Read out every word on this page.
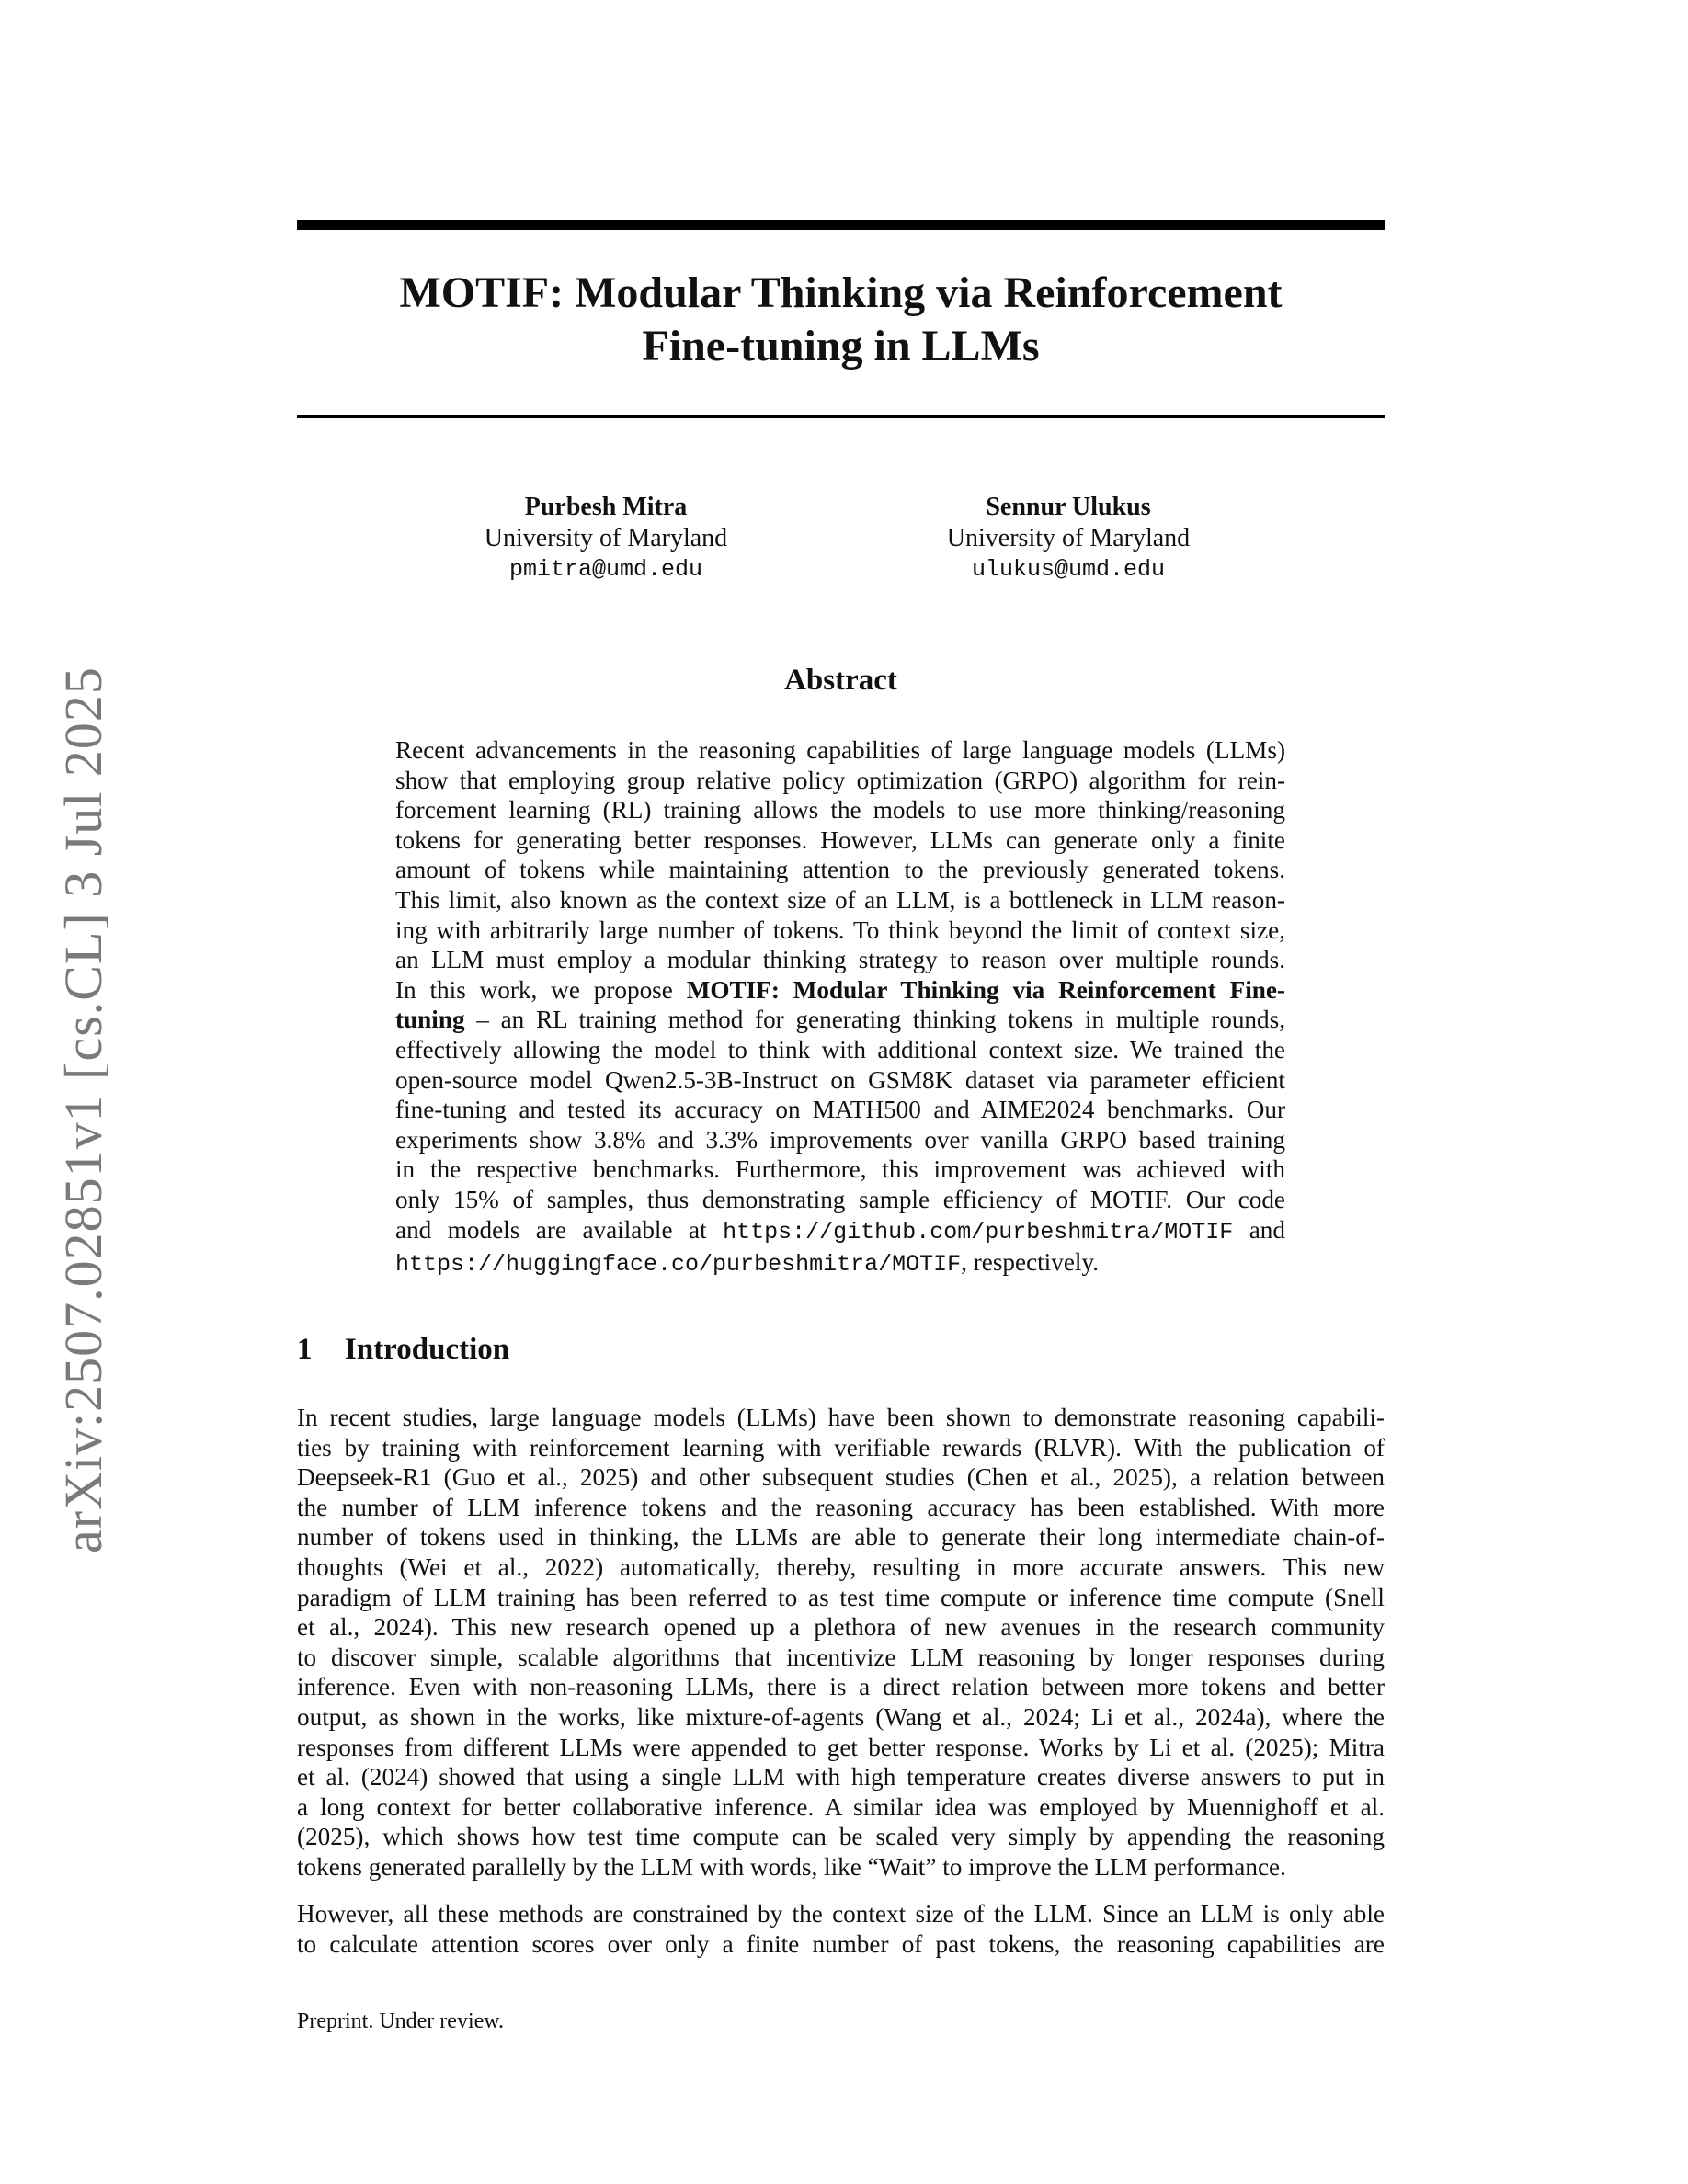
arXiv:2507.02851v1 [cs.CL] 3 Jul 2025
MOTIF: Modular Thinking via Reinforcement
Fine-tuning in LLMs
Purbesh Mitra
University of Maryland
pmitra@umd.edu
Sennur Ulukus
University of Maryland
ulukus@umd.edu
Abstract
Recent advancements in the reasoning capabilities of large language models (LLMs)
show that employing group relative policy optimization (GRPO) algorithm for rein-
forcement learning (RL) training allows the models to use more thinking/reasoning
tokens for generating better responses. However, LLMs can generate only a finite
amount of tokens while maintaining attention to the previously generated tokens.
This limit, also known as the context size of an LLM, is a bottleneck in LLM reason-
ing with arbitrarily large number of tokens. To think beyond the limit of context size,
an LLM must employ a modular thinking strategy to reason over multiple rounds.
In this work, we propose MOTIF: Modular Thinking via Reinforcement Fine-
tuning – an RL training method for generating thinking tokens in multiple rounds,
effectively allowing the model to think with additional context size. We trained the
open-source model Qwen2.5-3B-Instruct on GSM8K dataset via parameter efficient
fine-tuning and tested its accuracy on MATH500 and AIME2024 benchmarks. Our
experiments show 3.8% and 3.3% improvements over vanilla GRPO based training
in the respective benchmarks. Furthermore, this improvement was achieved with
only 15% of samples, thus demonstrating sample efficiency of MOTIF. Our code
and models are available at https://github.com/purbeshmitra/MOTIF and
https://huggingface.co/purbeshmitra/MOTIF, respectively.
1 Introduction
In recent studies, large language models (LLMs) have been shown to demonstrate reasoning capabili-
ties by training with reinforcement learning with verifiable rewards (RLVR). With the publication of
Deepseek-R1 (Guo et al., 2025) and other subsequent studies (Chen et al., 2025), a relation between
the number of LLM inference tokens and the reasoning accuracy has been established. With more
number of tokens used in thinking, the LLMs are able to generate their long intermediate chain-of-
thoughts (Wei et al., 2022) automatically, thereby, resulting in more accurate answers. This new
paradigm of LLM training has been referred to as test time compute or inference time compute (Snell
et al., 2024). This new research opened up a plethora of new avenues in the research community
to discover simple, scalable algorithms that incentivize LLM reasoning by longer responses during
inference. Even with non-reasoning LLMs, there is a direct relation between more tokens and better
output, as shown in the works, like mixture-of-agents (Wang et al., 2024; Li et al., 2024a), where the
responses from different LLMs were appended to get better response. Works by Li et al. (2025); Mitra
et al. (2024) showed that using a single LLM with high temperature creates diverse answers to put in
a long context for better collaborative inference. A similar idea was employed by Muennighoff et al.
(2025), which shows how test time compute can be scaled very simply by appending the reasoning
tokens generated parallelly by the LLM with words, like “Wait” to improve the LLM performance.
However, all these methods are constrained by the context size of the LLM. Since an LLM is only able
to calculate attention scores over only a finite number of past tokens, the reasoning capabilities are
Preprint. Under review.
